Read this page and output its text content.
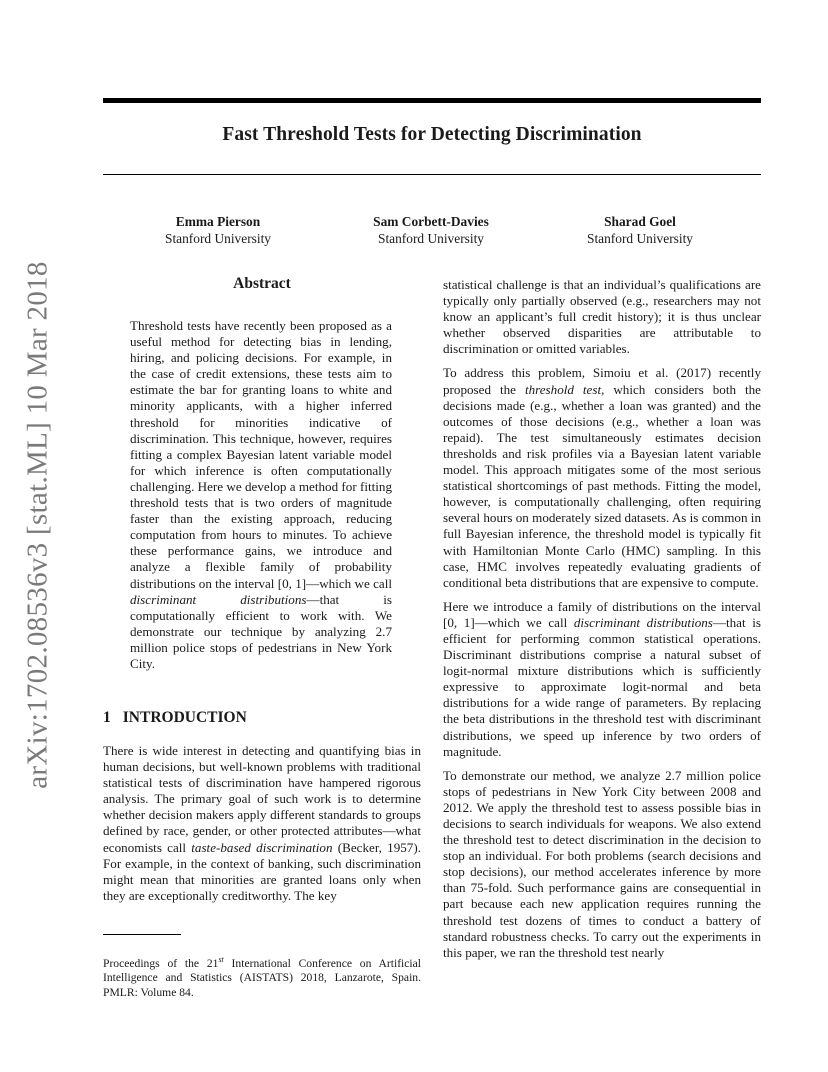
Fast Threshold Tests for Detecting Discrimination
Emma Pierson
Stanford University
Sam Corbett-Davies
Stanford University
Sharad Goel
Stanford University
arXiv:1702.08536v3 [stat.ML] 10 Mar 2018	Abstract

Threshold tests have recently been proposed as a useful method for detecting bias in lending, hiring, and policing decisions. For example, in the case of credit extensions, these tests aim to estimate the bar for granting loans to white and minority applicants, with a higher inferred threshold for minorities indicative of discrimination. This technique, however, requires fitting a complex Bayesian latent variable model for which inference is often computationally challenging. Here we develop a method for fitting threshold tests that is two orders of magnitude faster than the existing approach, reducing computation from hours to minutes. To achieve these performance gains, we introduce and analyze a flexible family of probability distributions on the interval [0, 1]—which we call discriminant distributions—that is computationally efficient to work with. We demonstrate our technique by analyzing 2.7 million police stops of pedestrians in New York City.

1 INTRODUCTION

There is wide interest in detecting and quantifying bias in human decisions, but well-known problems with traditional statistical tests of discrimination have hampered rigorous analysis. The primary goal of such work is to determine whether decision makers apply different standards to groups defined by race, gender, or other protected attributes—what economists call taste-based discrimination (Becker, 1957). For example, in the context of banking, such discrimination might mean that minorities are granted loans only when they are exceptionally creditworthy. The key

Proceedings of the 21st International Conference on Artificial Intelligence and Statistics (AISTATS) 2018, Lanzarote, Spain. PMLR: Volume 84.

statistical challenge is that an individual’s qualifications are typically only partially observed (e.g., researchers may not know an applicant’s full credit history); it is thus unclear whether observed disparities are attributable to discrimination or omitted variables.

To address this problem, Simoiu et al. (2017) recently proposed the threshold test, which considers both the decisions made (e.g., whether a loan was granted) and the outcomes of those decisions (e.g., whether a loan was repaid). The test simultaneously estimates decision thresholds and risk profiles via a Bayesian latent variable model. This approach mitigates some of the most serious statistical shortcomings of past methods. Fitting the model, however, is computationally challenging, often requiring several hours on moderately sized datasets. As is common in full Bayesian inference, the threshold model is typically fit with Hamiltonian Monte Carlo (HMC) sampling. In this case, HMC involves repeatedly evaluating gradients of conditional beta distributions that are expensive to compute.

Here we introduce a family of distributions on the interval [0, 1]—which we call discriminant distributions—that is efficient for performing common statistical operations. Discriminant distributions comprise a natural subset of logit-normal mixture distributions which is sufficiently expressive to approximate logit-normal and beta distributions for a wide range of parameters. By replacing the beta distributions in the threshold test with discriminant distributions, we speed up inference by two orders of magnitude.

To demonstrate our method, we analyze 2.7 million police stops of pedestrians in New York City between 2008 and 2012. We apply the threshold test to assess possible bias in decisions to search individuals for weapons. We also extend the threshold test to detect discrimination in the decision to stop an individual. For both problems (search decisions and stop decisions), our method accelerates inference by more than 75-fold. Such performance gains are consequential in part because each new application requires running the threshold test dozens of times to conduct a battery of standard robustness checks. To carry out the experiments in this paper, we ran the threshold test nearly
